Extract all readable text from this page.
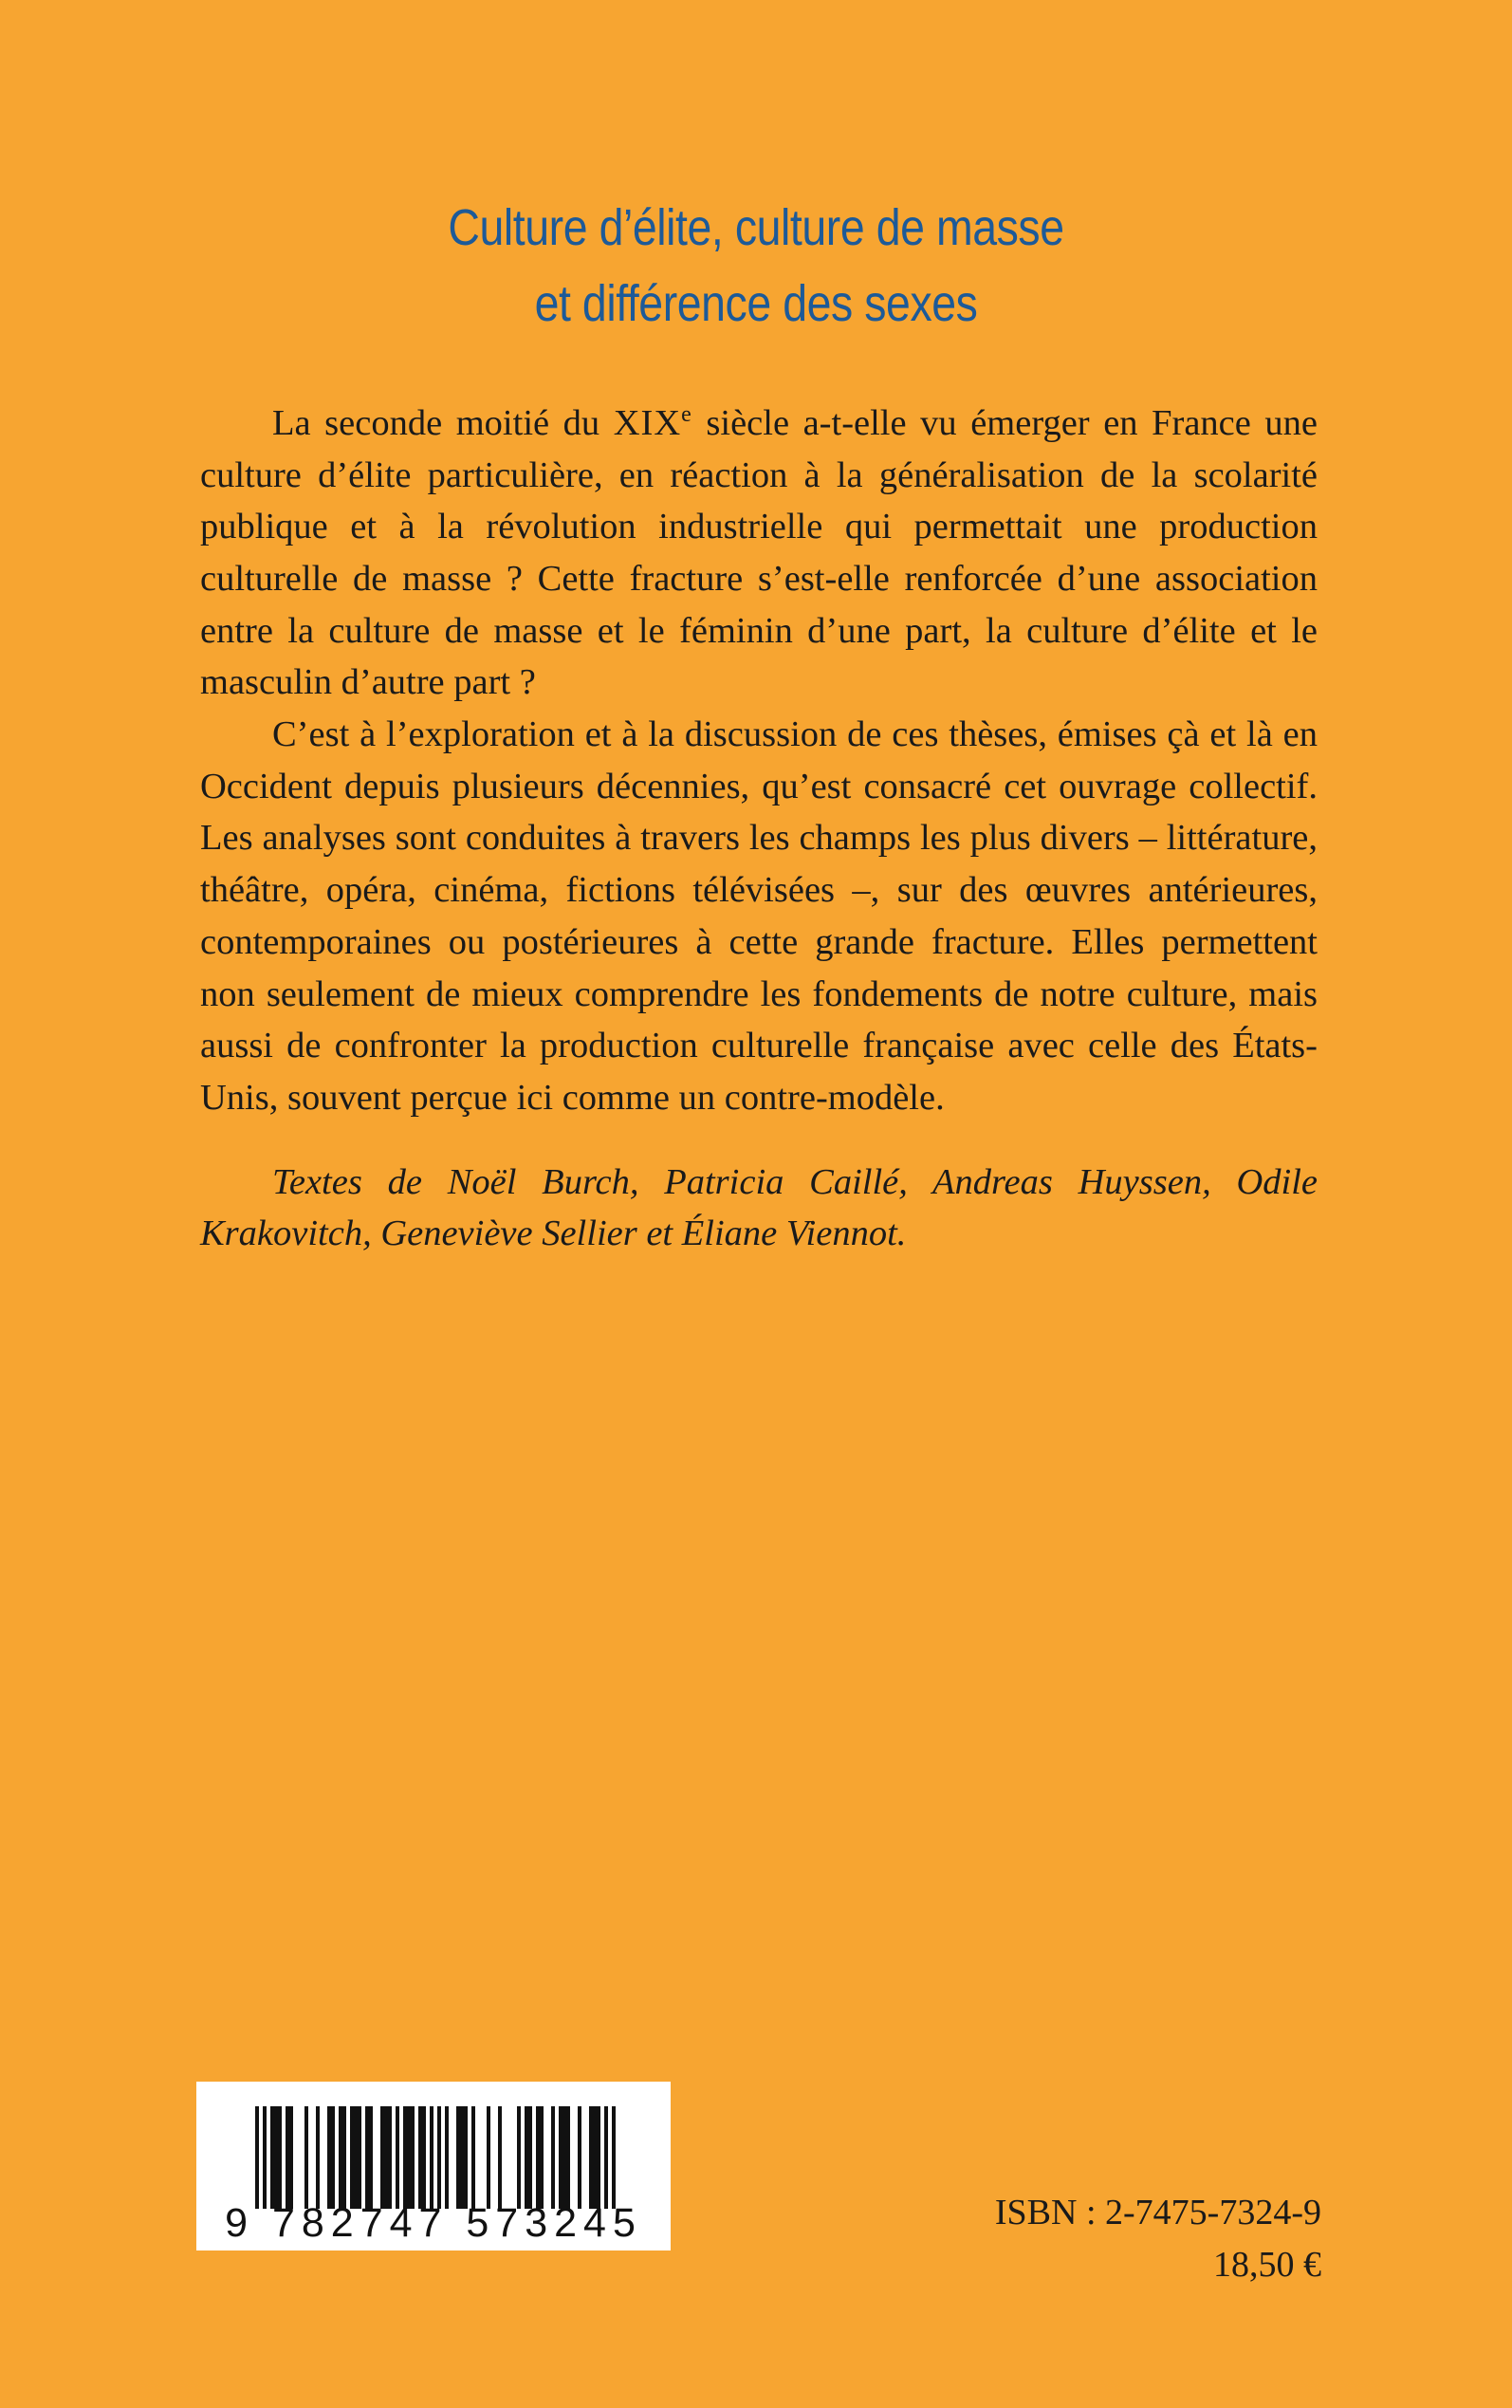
Culture d’élite, culture de masse
et différence des sexes

La seconde moitié du XIXe siècle a-t-elle vu émerger en France une culture d’élite particulière, en réaction à la généralisation de la scolarité publique et à la révolution industrielle qui permettait une production culturelle de masse ? Cette fracture s’est-elle renforcée d’une association entre la culture de masse et le féminin d’une part, la culture d’élite et le masculin d’autre part ?

C’est à l’exploration et à la discussion de ces thèses, émises çà et là en Occident depuis plusieurs décennies, qu’est consacré cet ouvrage collectif. Les analyses sont conduites à travers les champs les plus divers – littérature, théâtre, opéra, cinéma, fictions télévisées –, sur des œuvres antérieures, contemporaines ou postérieures à cette grande fracture. Elles permettent non seulement de mieux comprendre les fondements de notre culture, mais aussi de confronter la production culturelle française avec celle des États-Unis, souvent perçue ici comme un contre-modèle.

Textes de Noël Burch, Patricia Caillé, Andreas Huyssen, Odile Krakovitch, Geneviève Sellier et Éliane Viennot.

9 782747 573245	ISBN : 2-7475-7324-9
18,50 €
